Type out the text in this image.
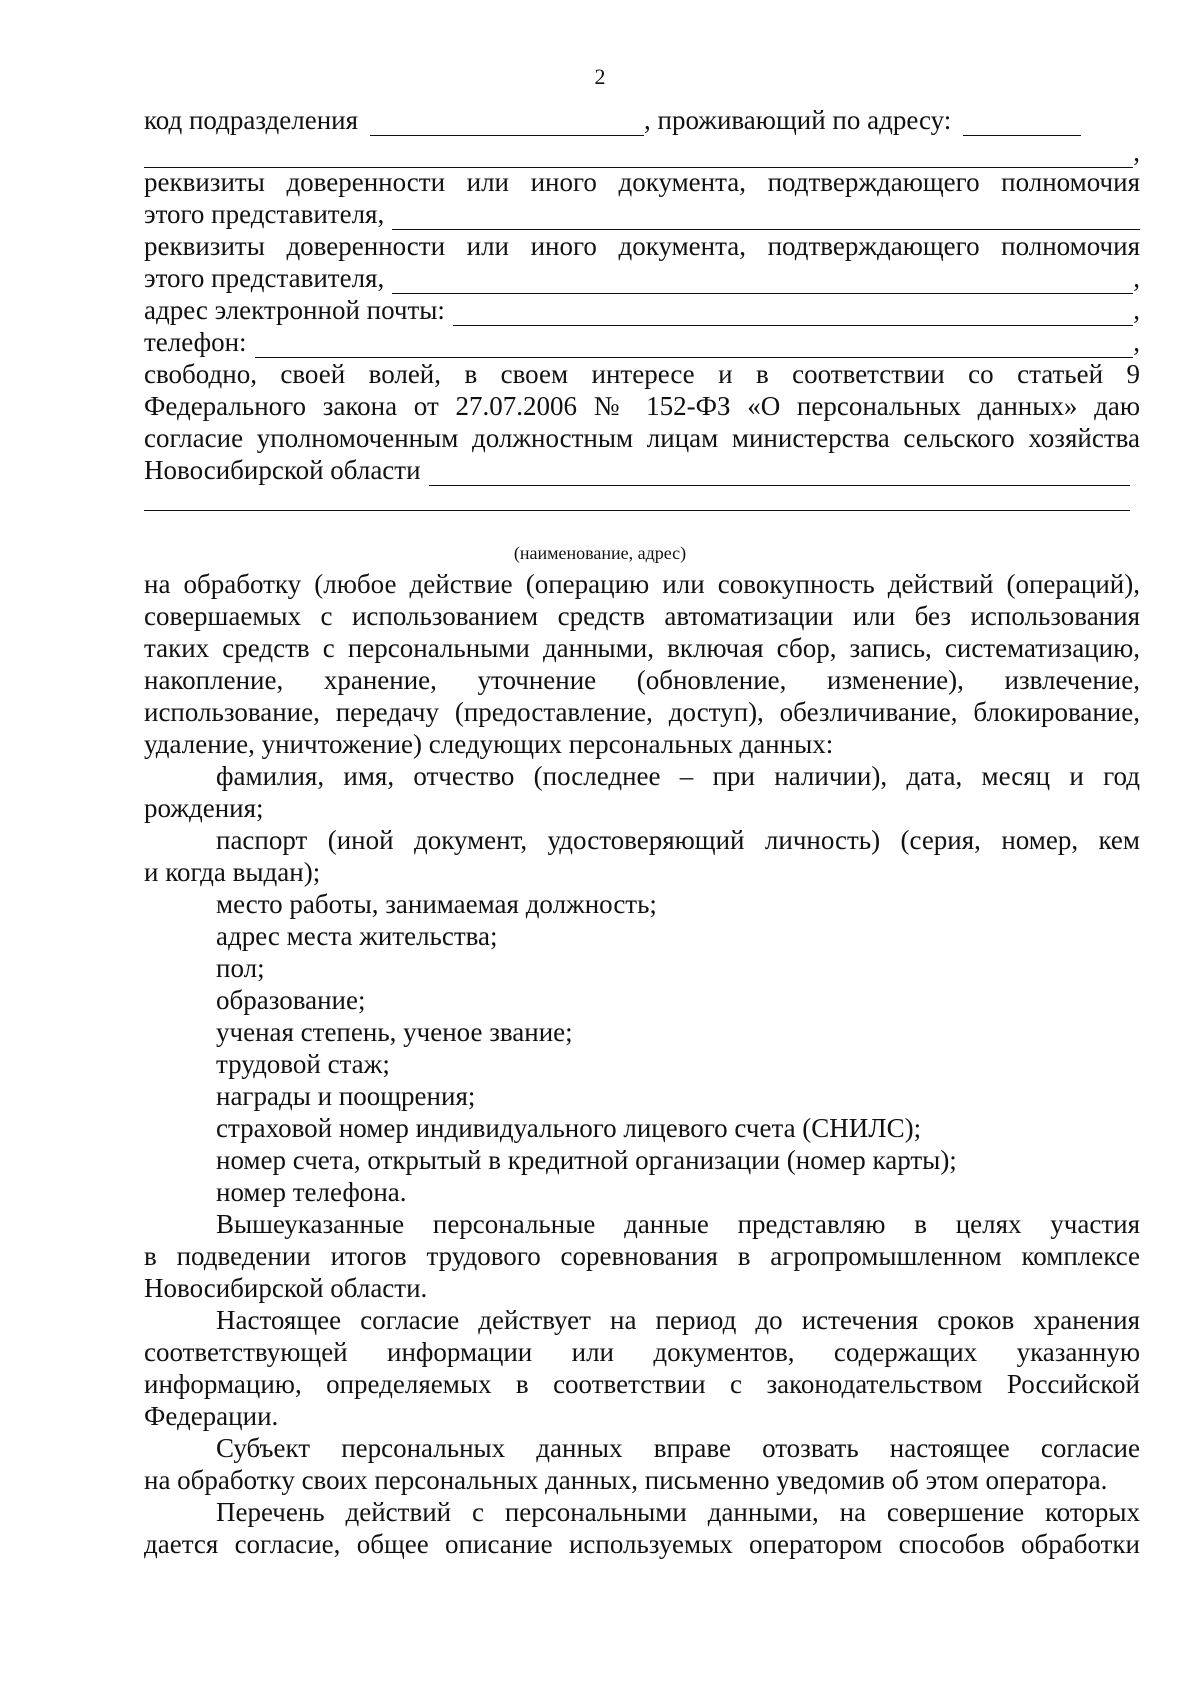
2
код подразделения	, проживающий по адресу:
,
реквизиты доверенности или иного документа, подтверждающего полномочия
этого представителя,
реквизиты доверенности или иного документа, подтверждающего полномочия
этого представителя,	,
адрес электронной почты:	,
телефон:	,
свободно, своей волей, в своем интересе и в соответствии со статьей 9
Федерального закона от 27.07.2006 № 152-ФЗ «О персональных данных» даю
согласие уполномоченным должностным лицам министерства сельского хозяйства
Новосибирской области
(наименование, адрес)
на обработку (любое действие (операцию или совокупность действий (операций),
совершаемых с использованием средств автоматизации или без использования
таких средств с персональными данными, включая сбор, запись, систематизацию,
накопление, хранение, уточнение (обновление, изменение), извлечение,
использование, передачу (предоставление, доступ), обезличивание, блокирование,
удаление, уничтожение) следующих персональных данных:
фамилия, имя, отчество (последнее – при наличии), дата, месяц и год
рождения;
паспорт (иной документ, удостоверяющий личность) (серия, номер, кем
и когда выдан);
место работы, занимаемая должность;
адрес места жительства;
пол;
образование;
ученая степень, ученое звание;
трудовой стаж;
награды и поощрения;
страховой номер индивидуального лицевого счета (СНИЛС);
номер счета, открытый в кредитной организации (номер карты);
номер телефона.
Вышеуказанные персональные данные представляю в целях участия
в подведении итогов трудового соревнования в агропромышленном комплексе
Новосибирской области.
Настоящее согласие действует на период до истечения сроков хранения
соответствующей информации или документов, содержащих указанную
информацию, определяемых в соответствии с законодательством Российской
Федерации.
Субъект персональных данных вправе отозвать настоящее согласие
на обработку своих персональных данных, письменно уведомив об этом оператора.
Перечень действий с персональными данными, на совершение которых
дается согласие, общее описание используемых оператором способов обработки
